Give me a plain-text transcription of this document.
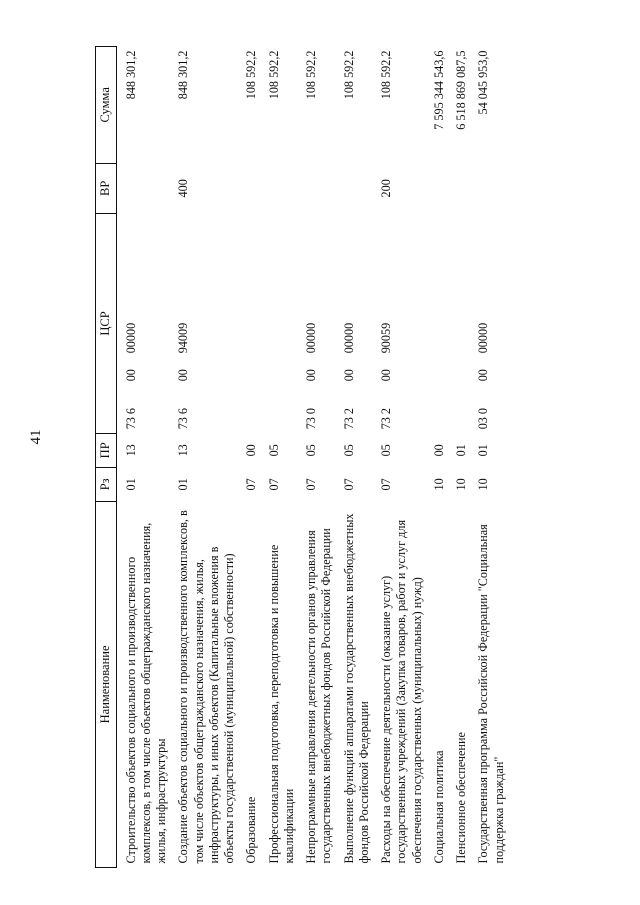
41
Наименование	Рз	ПР	ЦСР	ВР	Сумма

Строительство объектов социального и производственного комплексов, в том числе объектов общегражданского назначения, жилья, инфраструктуры	01	13	73 60000000		848 301,2
Создание объектов социального и производственного комплексов, в том числе объектов общегражданского назначения, жилья, инфраструктуры, и иных объектов (Капитальные вложения в объекты государственной (муниципальной) собственности)	01	13	73 60094009	400	848 301,2
Образование	07	00			108 592,2
Профессиональная подготовка, переподготовка и повышение квалификации	07	05			108 592,2
Непрограммные направления деятельности органов управления государственных внебюджетных фондов Российской Федерации	07	05	73 00000000		108 592,2
Выполнение функций аппаратами государственных внебюджетных фондов Российской Федерации	07	05	73 20000000		108 592,2
Расходы на обеспечение деятельности (оказание услуг) государственных учреждений (Закупка товаров, работ и услуг для обеспечения государственных (муниципальных) нужд)	07	05	73 20090059	200	108 592,2
Социальная политика	10	00			7 595 344 543,6
Пенсионное обеспечение	10	01			6 518 869 087,5
Государственная программа Российской Федерации "Социальная поддержка граждан"	10	01	03 00000000		54 045 953,0
